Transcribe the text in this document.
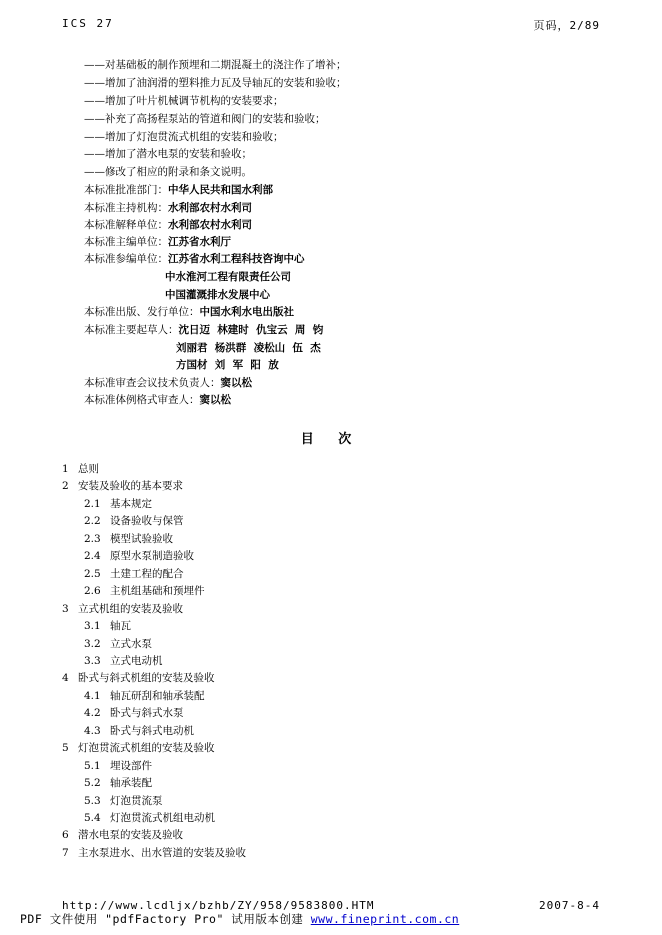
ICS 27	页码，2/89
——对基础板的制作预埋和二期混凝土的浇注作了增补；
——增加了油润滑的塑料推力瓦及导轴瓦的安装和验收；
——增加了叶片机械调节机构的安装要求；
——补充了高扬程泵站的管道和阀门的安装和验收；
——增加了灯泡贯流式机组的安装和验收；
——增加了潜水电泵的安装和验收；
——修改了相应的附录和条文说明。
本标准批准部门：中华人民共和国水利部
本标准主持机构：水利部农村水利司
本标准解释单位：水利部农村水利司
本标准主编单位：江苏省水利厅
本标准参编单位：江苏省水利工程科技咨询中心
中水淮河工程有限责任公司
中国灌溉排水发展中心
本标准出版、发行单位：中国水利水电出版社
本标准主要起草人：沈日迈  林建时  仇宝云  周  钧
刘丽君  杨洪群  凌松山  伍  杰
方国材  刘  军  阳  放
本标准审查会议技术负责人：窦以松
本标准体例格式审查人：窦以松
目 次
1 总则
2 安装及验收的基本要求
2.1 基本规定
2.2 设备验收与保管
2.3 模型试验验收
2.4 原型水泵制造验收
2.5 土建工程的配合
2.6 主机组基础和预埋件
3 立式机组的安装及验收
3.1 轴瓦
3.2 立式水泵
3.3 立式电动机
4 卧式与斜式机组的安装及验收
4.1 轴瓦研刮和轴承装配
4.2 卧式与斜式水泵
4.3 卧式与斜式电动机
5 灯泡贯流式机组的安装及验收
5.1 埋设部件
5.2 轴承装配
5.3 灯泡贯流泵
5.4 灯泡贯流式机组电动机
6 潜水电泵的安装及验收
7 主水泵进水、出水管道的安装及验收
http://www.lcdljx/bzhb/ZY/958/9583800.HTM	2007-8-4
PDF 文件使用 "pdfFactory Pro" 试用版本创建 www.fineprint.com.cn
